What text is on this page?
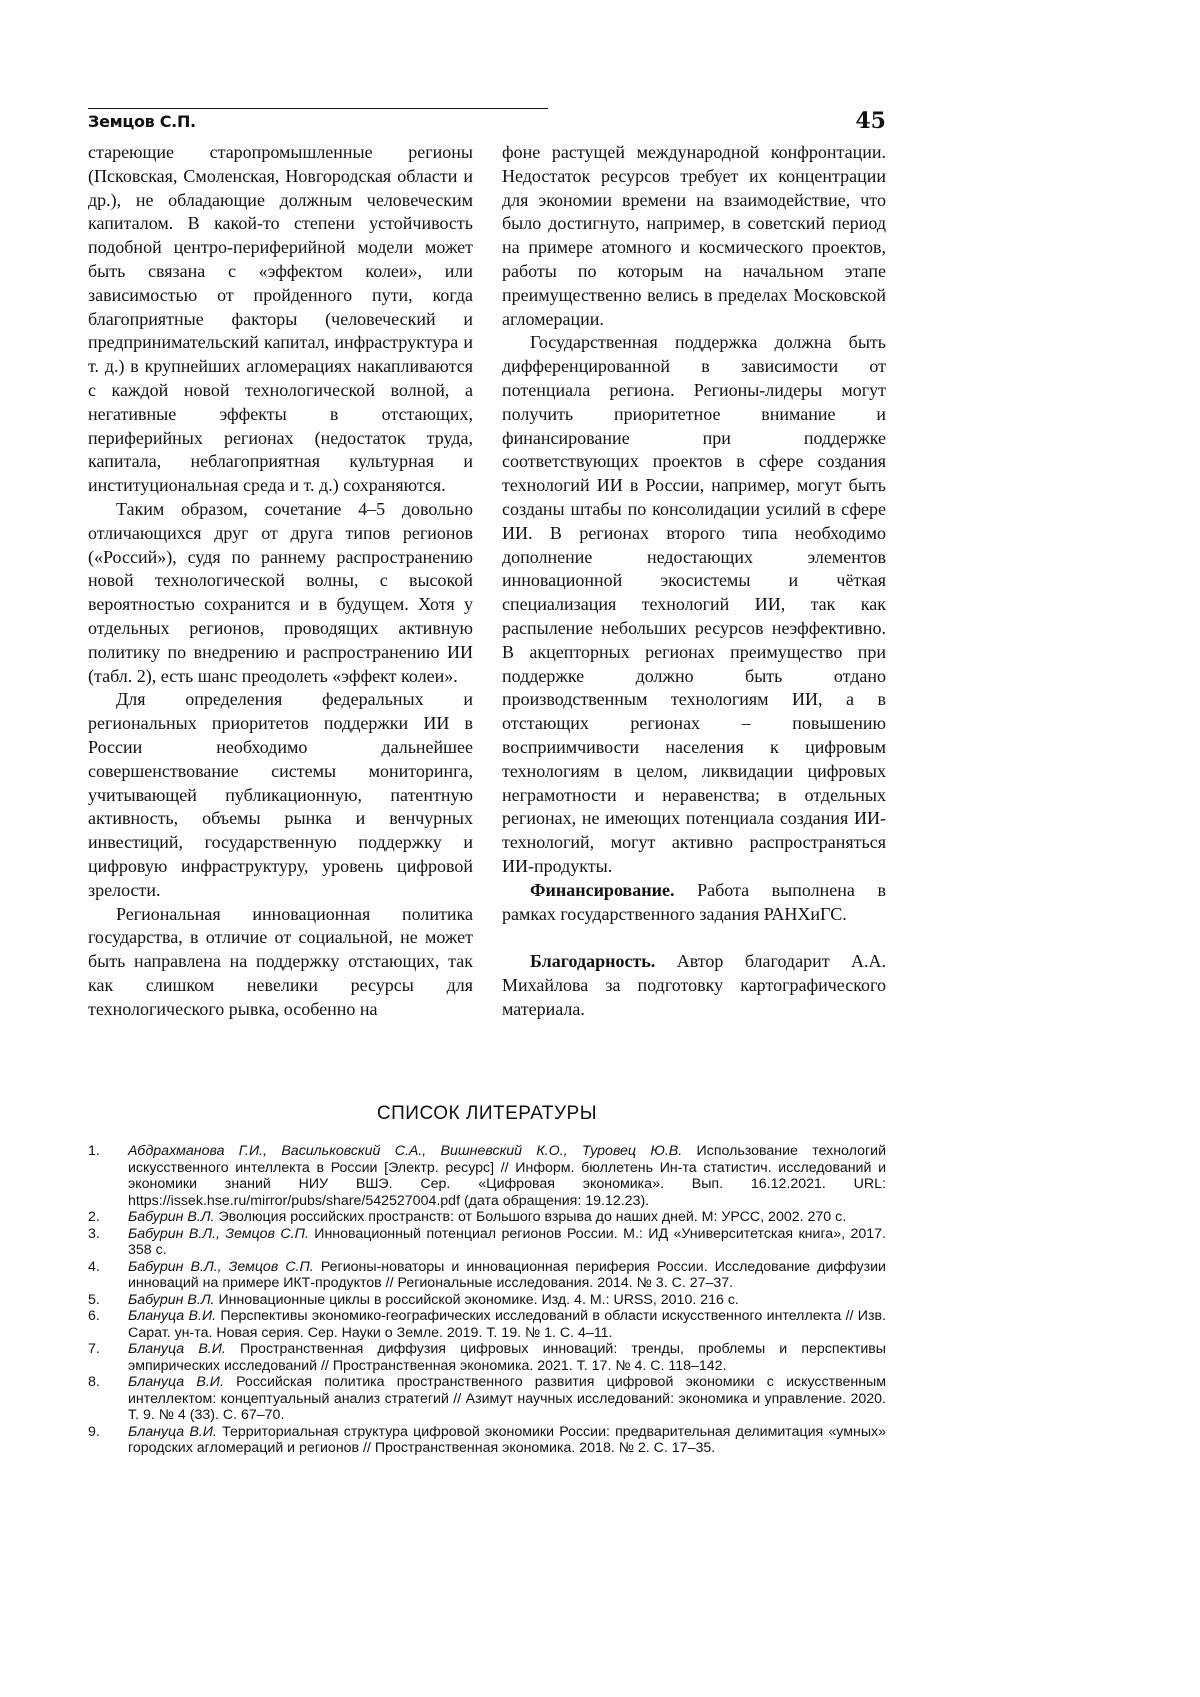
Земцов С.П.	45

стареющие старопромышленные регионы (Псковская, Смоленская, Новгородская области и др.), не обладающие должным человеческим капиталом. В какой-то степени устойчивость подобной центро-периферийной модели может быть связана с «эффектом колеи», или зависимостью от пройденного пути, когда благоприятные факторы (человеческий и предпринимательский капитал, инфраструктура и т. д.) в крупнейших агломерациях накапливаются с каждой новой технологической волной, а негативные эффекты в отстающих, периферийных регионах (недостаток труда, капитала, неблагоприятная культурная и институциональная среда и т. д.) сохраняются.

Таким образом, сочетание 4–5 довольно отличающихся друг от друга типов регионов («Россий»), судя по раннему распространению новой технологической волны, с высокой вероятностью сохранится и в будущем. Хотя у отдельных регионов, проводящих активную политику по внедрению и распространению ИИ (табл. 2), есть шанс преодолеть «эффект колеи».

Для определения федеральных и региональных приоритетов поддержки ИИ в России необходимо дальнейшее совершенствование системы мониторинга, учитывающей публикационную, патентную активность, объемы рынка и венчурных инвестиций, государственную поддержку и цифровую инфраструктуру, уровень цифровой зрелости.

Региональная инновационная политика государства, в отличие от социальной, не может быть направлена на поддержку отстающих, так как слишком невелики ресурсы для технологического рывка, особенно на

фоне растущей международной конфронтации. Недостаток ресурсов требует их концентрации для экономии времени на взаимодействие, что было достигнуто, например, в советский период на примере атомного и космического проектов, работы по которым на начальном этапе преимущественно велись в пределах Московской агломерации.

Государственная поддержка должна быть дифференцированной в зависимости от потенциала региона. Регионы-лидеры могут получить приоритетное внимание и финансирование при поддержке соответствующих проектов в сфере создания технологий ИИ в России, например, могут быть созданы штабы по консолидации усилий в сфере ИИ. В регионах второго типа необходимо дополнение недостающих элементов инновационной экосистемы и чёткая специализация технологий ИИ, так как распыление небольших ресурсов неэффективно. В акцепторных регионах преимущество при поддержке должно быть отдано производственным технологиям ИИ, а в отстающих регионах – повышению восприимчивости населения к цифровым технологиям в целом, ликвидации цифровых неграмотности и неравенства; в отдельных регионах, не имеющих потенциала создания ИИ-технологий, могут активно распространяться ИИ-продукты.

Финансирование. Работа выполнена в рамках государственного задания РАНХиГС.

Благодарность. Автор благодарит А.А. Михайлова за подготовку картографического материала.

СПИСОК ЛИТЕРАТУРЫ
1. Абдрахманова Г.И., Васильковский С.А., Вишневский К.О., Туровец Ю.В. Использование технологий искусственного интеллекта в России [Электр. ресурс] // Информ. бюллетень Ин-та статистич. исследований и экономики знаний НИУ ВШЭ. Сер. «Цифровая экономика». Вып. 16.12.2021. URL: https://issek.hse.ru/mirror/pubs/share/542527004.pdf (дата обращения: 19.12.23).
2. Бабурин В.Л. Эволюция российских пространств: от Большого взрыва до наших дней. М: УРСС, 2002. 270 с.
3. Бабурин В.Л., Земцов С.П. Инновационный потенциал регионов России. М.: ИД «Университетская книга», 2017. 358 с.
4. Бабурин В.Л., Земцов С.П. Регионы-новаторы и инновационная периферия России. Исследование диффузии инноваций на примере ИКТ-продуктов // Региональные исследования. 2014. № 3. С. 27–37.
5. Бабурин В.Л. Инновационные циклы в российской экономике. Изд. 4. М.: URSS, 2010. 216 с.
6. Блануца В.И. Перспективы экономико-географических исследований в области искусственного интеллекта // Изв. Сарат. ун-та. Новая серия. Сер. Науки о Земле. 2019. Т. 19. № 1. С. 4–11.
7. Блануца В.И. Пространственная диффузия цифровых инноваций: тренды, проблемы и перспективы эмпирических исследований // Пространственная экономика. 2021. Т. 17. № 4. С. 118–142.
8. Блануца В.И. Российская политика пространственного развития цифровой экономики с искусственным интеллектом: концептуальный анализ стратегий // Азимут научных исследований: экономика и управление. 2020. Т. 9. № 4 (33). С. 67–70.
9. Блануца В.И. Территориальная структура цифровой экономики России: предварительная делимитация «умных» городских агломераций и регионов // Пространственная экономика. 2018. № 2. С. 17–35.
